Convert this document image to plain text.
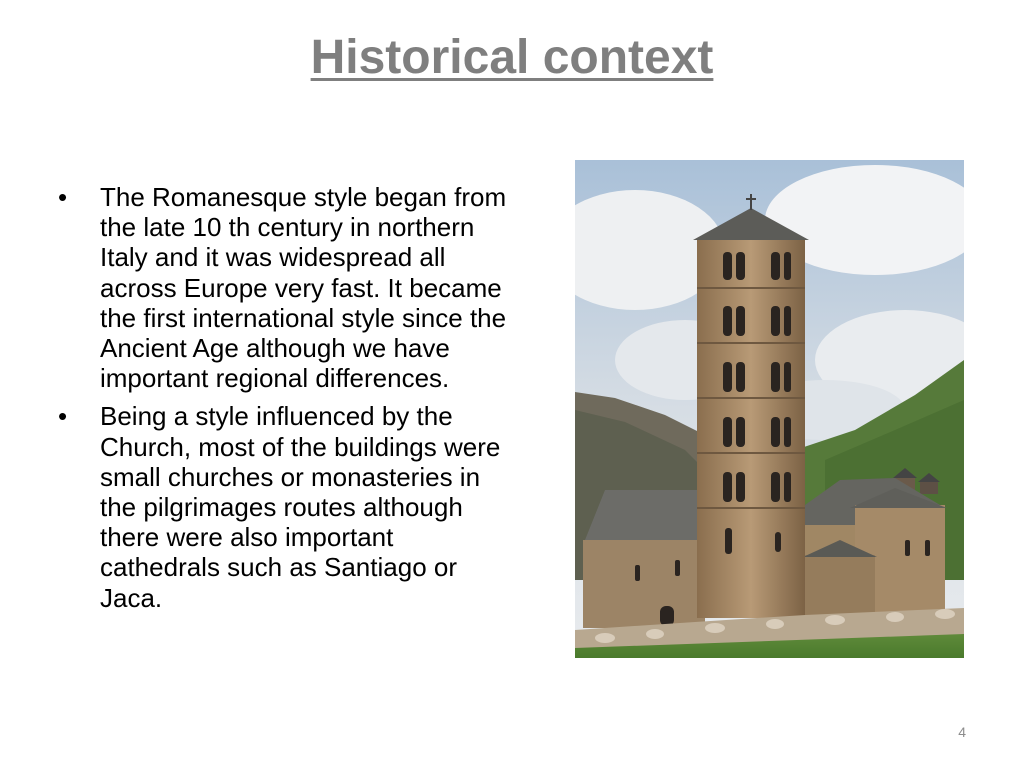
Historical context
• The Romanesque style began from the late 10 th century in northern Italy and it was widespread all across Europe very fast. It became the first international style since the Ancient Age although we have important regional differences.
• Being a style influenced by the Church, most of the buildings were small churches or monasteries in the pilgrimages routes although there were also important cathedrals such as Santiago or Jaca.
4
